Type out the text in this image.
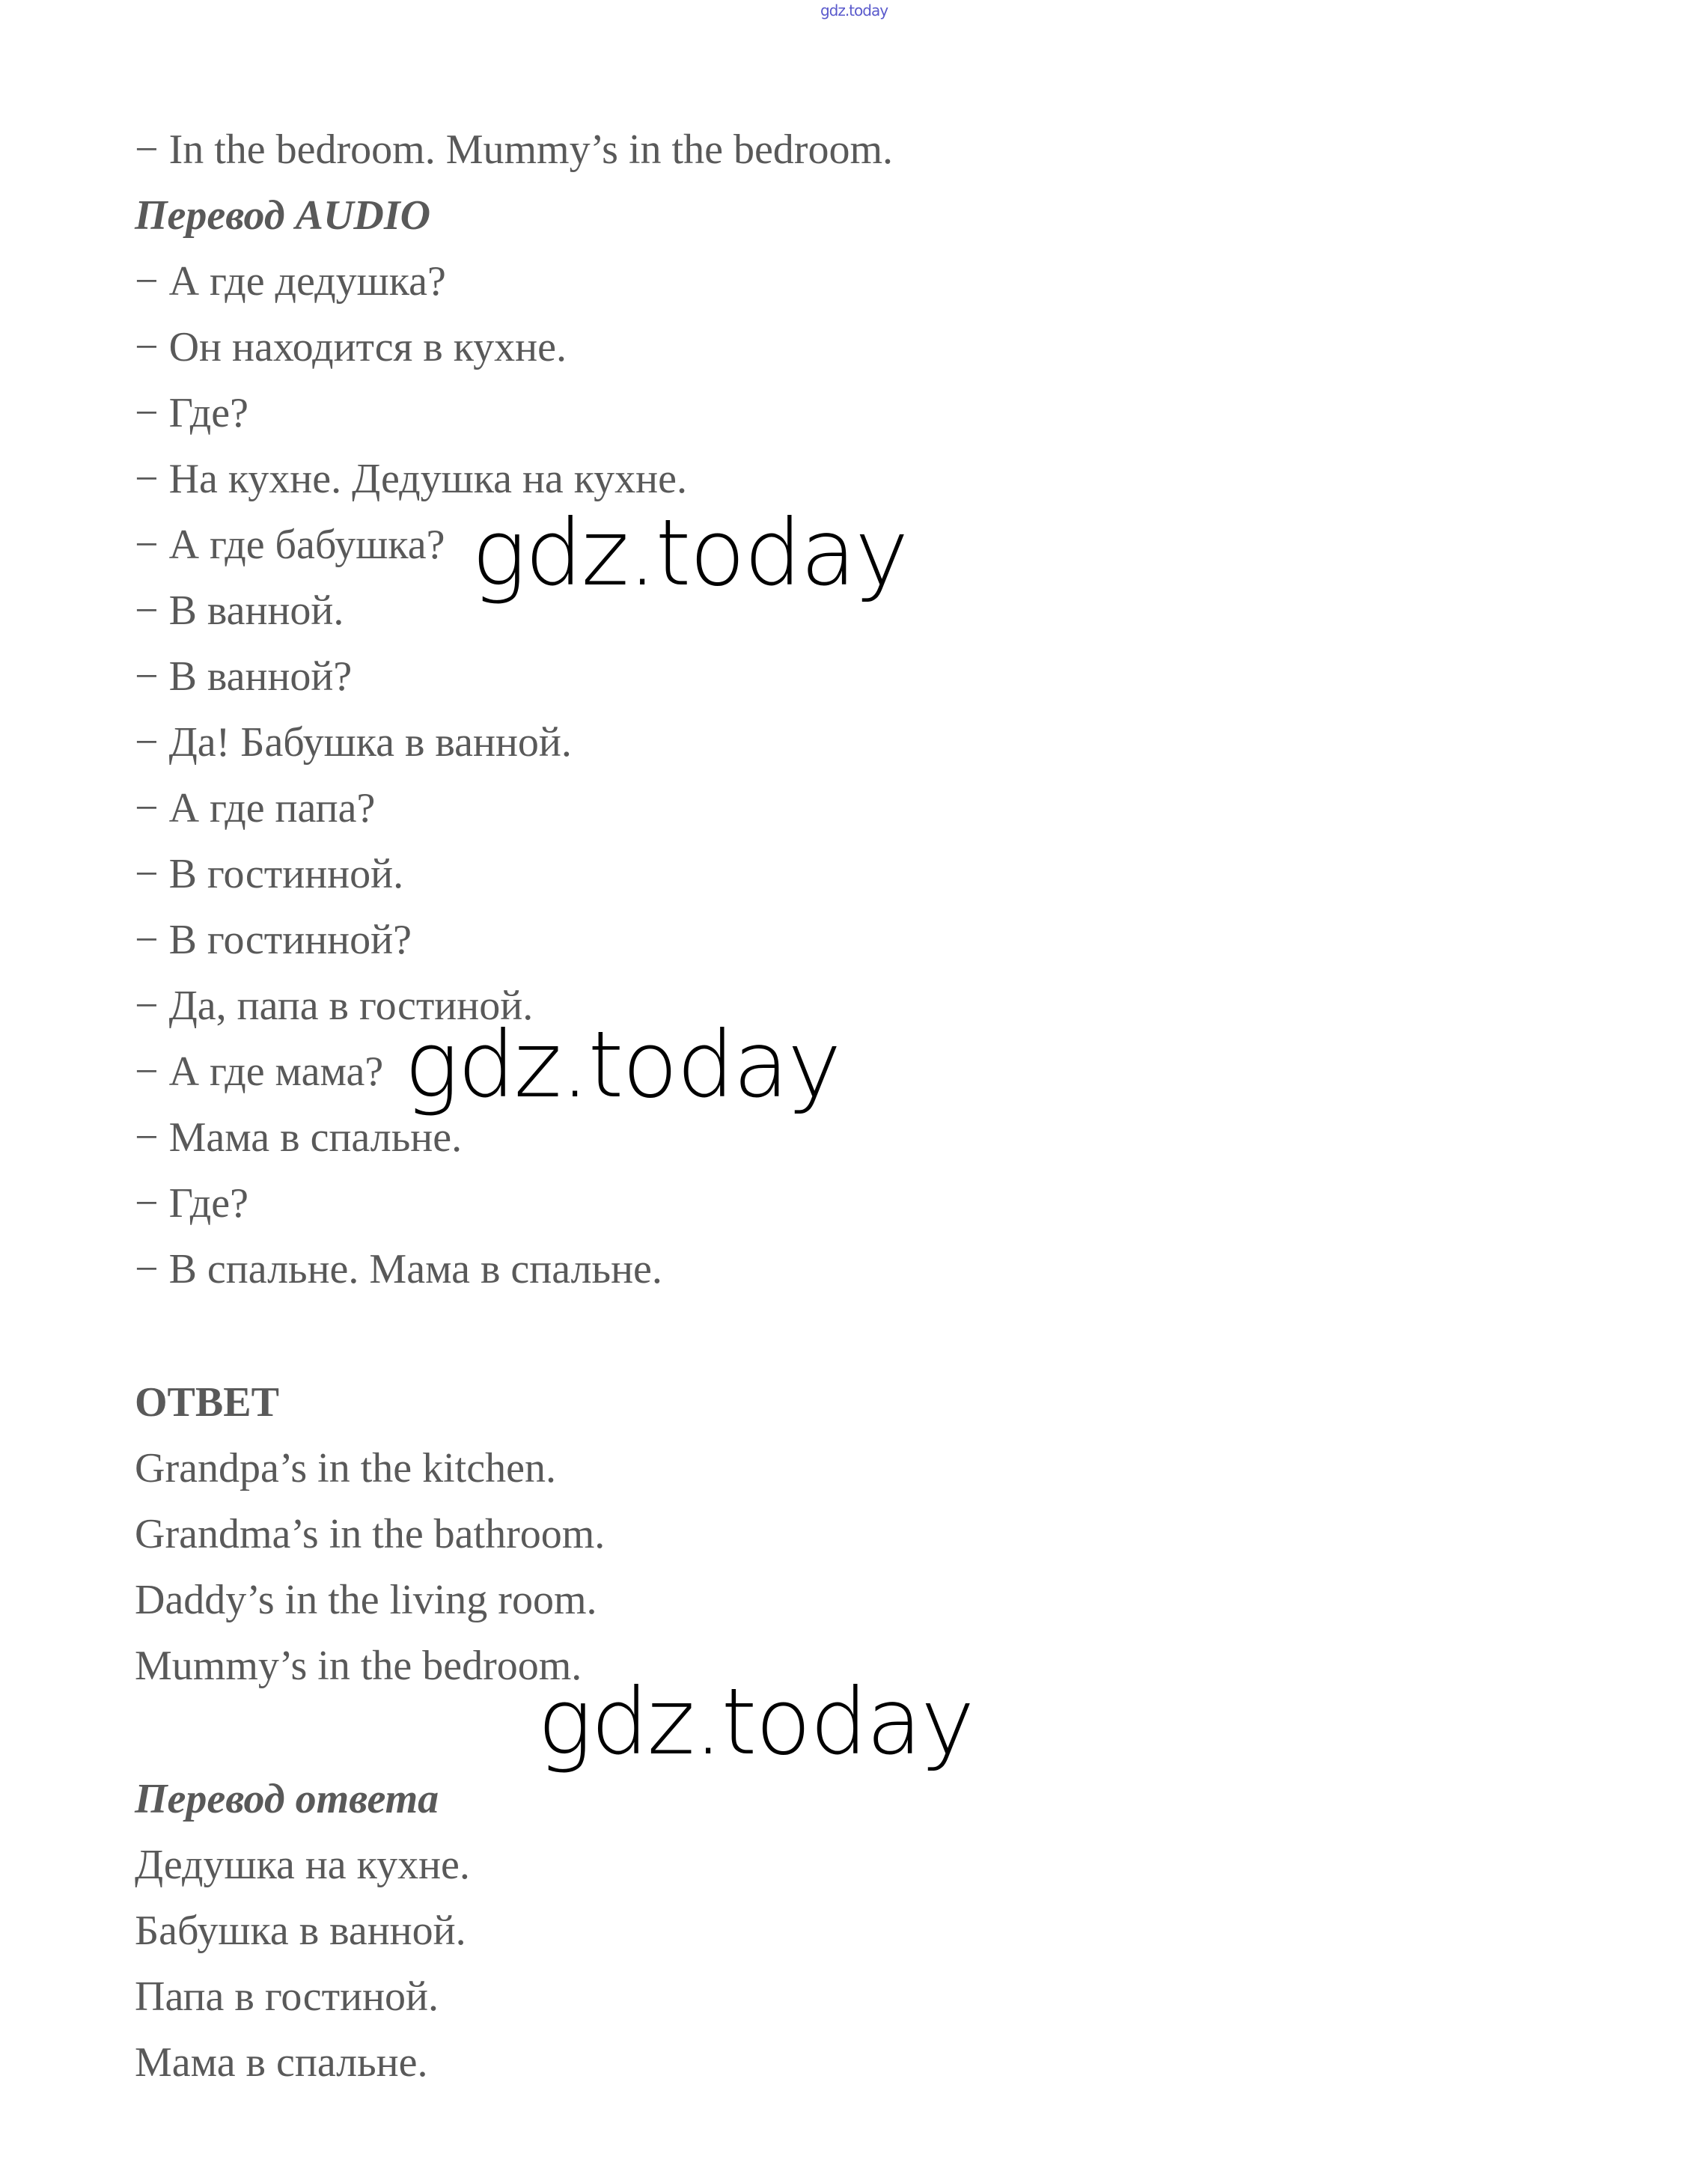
gdz.today
− In the bedroom. Mummy’s in the bedroom.
Перевод AUDIO
− А где дедушка?
− Он находится в кухне.
− Где?
− На кухне. Дедушка на кухне.
− А где бабушка?
− В ванной.
− В ванной?
− Да! Бабушка в ванной.
− А где папа?
− В гостинной.
− В гостинной?
− Да, папа в гостиной.
− А где мама?
− Мама в спальне.
− Где?
− В спальне. Мама в спальне.
ОТВЕТ
Grandpa’s in the kitchen.
Grandma’s in the bathroom.
Daddy’s in the living room.
Mummy’s in the bedroom.
Перевод ответа
Дедушка на кухне.
Бабушка в ванной.
Папа в гостиной.
Мама в спальне.
gdz.today
gdz.today
gdz.today
